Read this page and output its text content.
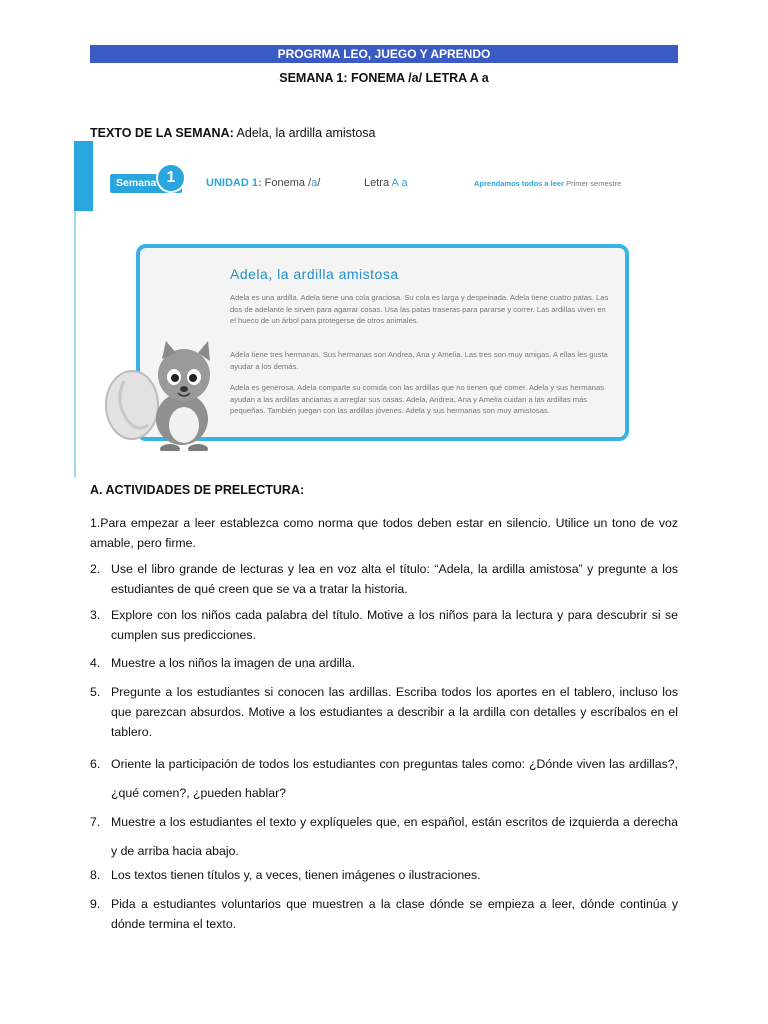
PROGRMA LEO, JUEGO Y APRENDO
SEMANA 1: FONEMA /a/ LETRA A a
TEXTO DE LA SEMANA: Adela, la ardilla amistosa
Semana 1	UNIDAD 1: Fonema /a/	Letra A a	Aprendamos todos a leer Primer semestre
Adela, la ardilla amistosa
Adela es una ardilla. Adela tiene una cola graciosa. Su cola es larga y despeinada. Adela tiene cuatro patas. Las dos de adelante le sirven para agarrar cosas. Usa las patas traseras para pararse y correr. Las ardillas viven en el hueco de un árbol para protegerse de otros animales.
Adela tiene tres hermanas. Sus hermanas son Andrea, Ana y Amelia. Las tres son muy amigas. A ellas les gusta ayudar a los demás.
Adela es generosa. Adela comparte su comida con las ardillas que no tienen qué comer. Adela y sus hermanas ayudan a las ardillas ancianas a arreglar sus casas. Adela, Andrea, Ana y Amelia cuidan a las ardillas más pequeñas. También juegan con las ardillas jóvenes. Adela y sus hermanas son muy amistosas.
A. ACTIVIDADES DE PRELECTURA:
1.Para empezar a leer establezca como norma que todos deben estar en silencio. Utilice un tono de voz amable, pero firme.
2. Use el libro grande de lecturas y lea en voz alta el título: “Adela, la ardilla amistosa” y pregunte a los estudiantes de qué creen que se va a tratar la historia.
3. Explore con los niños cada palabra del título. Motive a los niños para la lectura y para descubrir si se cumplen sus predicciones.
4. Muestre a los niños la imagen de una ardilla.
5. Pregunte a los estudiantes si conocen las ardillas. Escriba todos los aportes en el tablero, incluso los que parezcan absurdos. Motive a los estudiantes a describir a la ardilla con detalles y escríbalos en el tablero.
6. Oriente la participación de todos los estudiantes con preguntas tales como: ¿Dónde viven las ardillas?, ¿qué comen?, ¿pueden hablar?
7. Muestre a los estudiantes el texto y explíqueles que, en español, están escritos de izquierda a derecha y de arriba hacia abajo.
8. Los textos tienen títulos y, a veces, tienen imágenes o ilustraciones.
9. Pida a estudiantes voluntarios que muestren a la clase dónde se empieza a leer, dónde continúa y dónde termina el texto.
